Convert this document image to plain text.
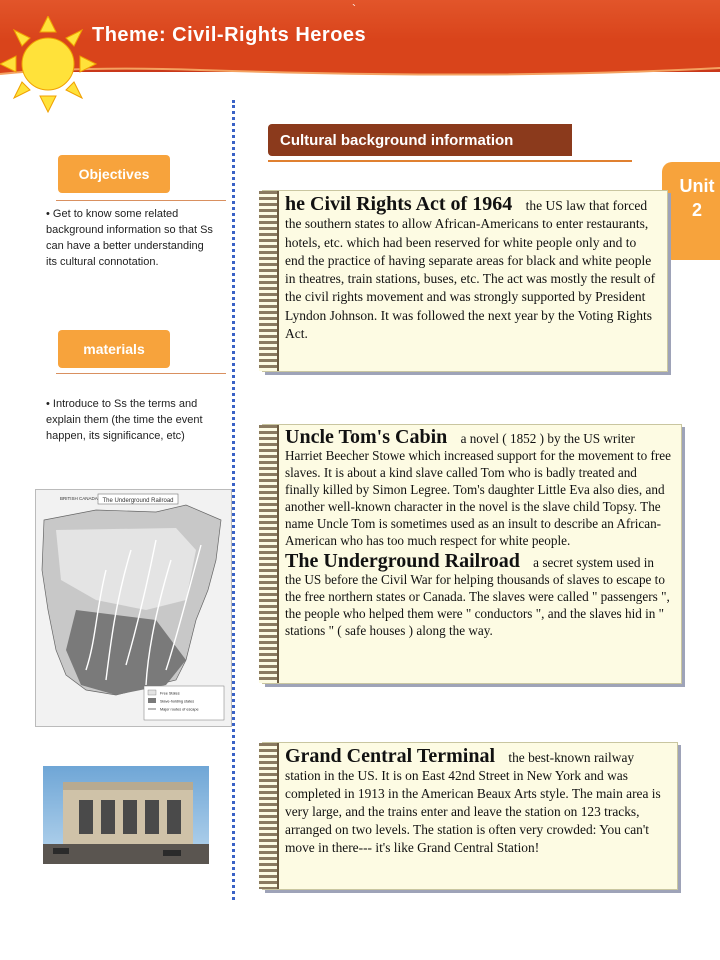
`
Theme: Civil-Rights Heroes
Objectives
• Get to know some related background information so that Ss can have a better understanding its cultural connotation.
materials
• Introduce to Ss the terms and explain them (the time the event happen, its significance, etc)
The Underground Railroad
BRITISH CANADA
Free States
Slave-holding states
Major routes of escape
Cultural background information
Unit
2

he Civil Rights Act of 1964 the US law that forced the southern states to allow African-Americans to enter restaurants, hotels, etc. which had been reserved for white people only and to end the practice of having separate areas for black and white people in theatres, train stations, buses, etc. The act was mostly the result of the civil rights movement and was strongly supported by President Lyndon Johnson. It was followed the next year by the Voting Rights Act.

Uncle Tom's Cabin a novel ( 1852 ) by the US writer Harriet Beecher Stowe which increased support for the movement to free slaves. It is about a kind slave called Tom who is badly treated and finally killed by Simon Legree. Tom's daughter Little Eva also dies, and another well-known character in the novel is the slave child Topsy. The name Uncle Tom is sometimes used as an insult to describe an African-American who has too much respect for white people.

The Underground Railroad a secret system used in the US before the Civil War for helping thousands of slaves to escape to the free northern states or Canada. The slaves were called " passengers ", the people who helped them were " conductors ", and the slaves hid in " stations " ( safe houses ) along the way.

Grand Central Terminal the best-known railway station in the US. It is on East 42nd Street in New York and was completed in 1913 in the American Beaux Arts style. The main area is very large, and the trains enter and leave the station on 123 tracks, arranged on two levels. The station is often very crowded: You can't move in there--- it's like Grand Central Station!
